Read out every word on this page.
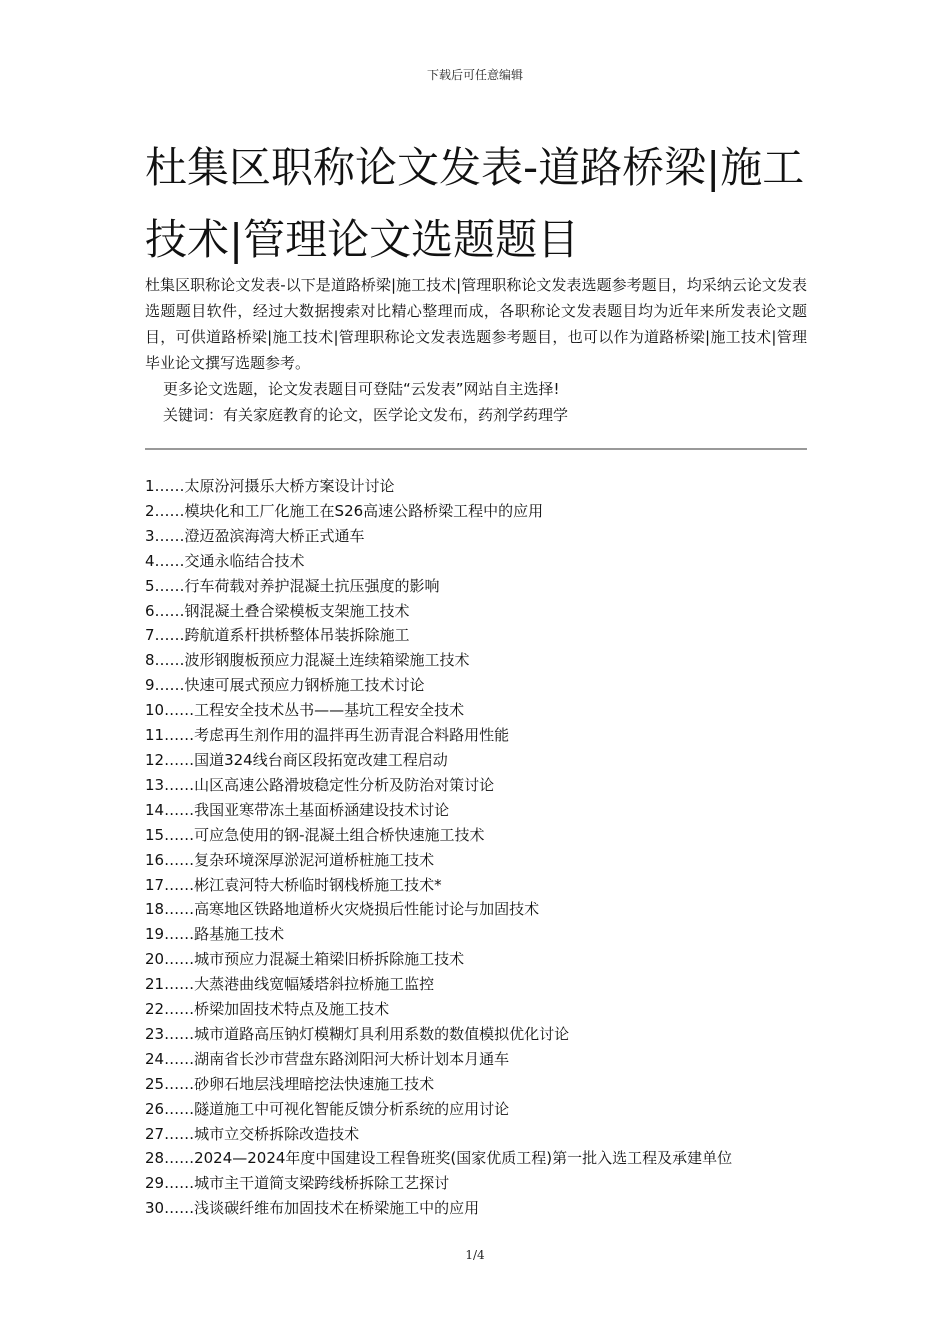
下载后可任意编辑
杜集区职称论文发表-道路桥梁|施工技术|管理论文选题题目
杜集区职称论文发表-以下是道路桥梁|施工技术|管理职称论文发表选题参考题目，均采纳云论文发表选题题目软件，经过大数据搜索对比精心整理而成，各职称论文发表题目均为近年来所发表论文题目，可供道路桥梁|施工技术|管理职称论文发表选题参考题目，也可以作为道路桥梁|施工技术|管理毕业论文撰写选题参考。
更多论文选题，论文发表题目可登陆“云发表”网站自主选择!
关键词：有关家庭教育的论文，医学论文发布，药剂学药理学
1……太原汾河摄乐大桥方案设计讨论
2……模块化和工厂化施工在S26高速公路桥梁工程中的应用
3……澄迈盈滨海湾大桥正式通车
4……交通永临结合技术
5……行车荷载对养护混凝土抗压强度的影响
6……钢混凝土叠合梁模板支架施工技术
7……跨航道系杆拱桥整体吊装拆除施工
8……波形钢腹板预应力混凝土连续箱梁施工技术
9……快速可展式预应力钢桥施工技术讨论
10……工程安全技术丛书——基坑工程安全技术
11……考虑再生剂作用的温拌再生沥青混合料路用性能
12……国道324线台商区段拓宽改建工程启动
13……山区高速公路滑坡稳定性分析及防治对策讨论
14……我国亚寒带冻土基面桥涵建设技术讨论
15……可应急使用的钢-混凝土组合桥快速施工技术
16……复杂环境深厚淤泥河道桥桩施工技术
17……彬江袁河特大桥临时钢栈桥施工技术*
18……高寒地区铁路地道桥火灾烧损后性能讨论与加固技术
19……路基施工技术
20……城市预应力混凝土箱梁旧桥拆除施工技术
21……大蒸港曲线宽幅矮塔斜拉桥施工监控
22……桥梁加固技术特点及施工技术
23……城市道路高压钠灯模糊灯具利用系数的数值模拟优化讨论
24……湖南省长沙市营盘东路浏阳河大桥计划本月通车
25……砂卵石地层浅埋暗挖法快速施工技术
26……隧道施工中可视化智能反馈分析系统的应用讨论
27……城市立交桥拆除改造技术
28……2024—2024年度中国建设工程鲁班奖(国家优质工程)第一批入选工程及承建单位
29……城市主干道简支梁跨线桥拆除工艺探讨
30……浅谈碳纤维布加固技术在桥梁施工中的应用
1/4
